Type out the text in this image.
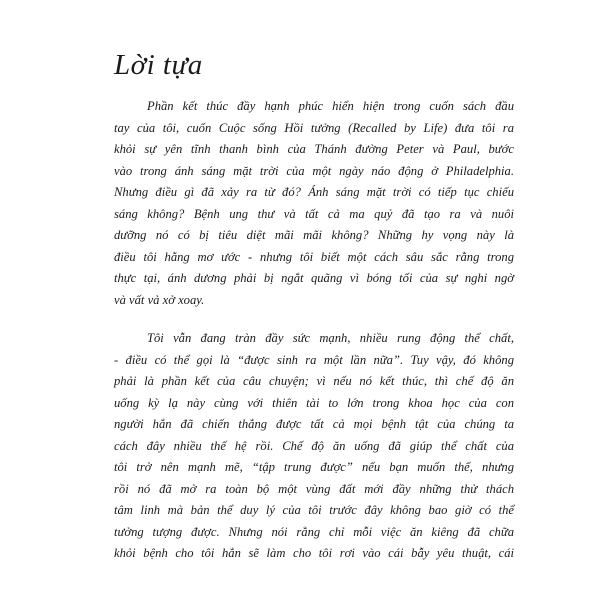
Lời tựa

Phần kết thúc đầy hạnh phúc hiển hiện trong cuốn sách đầu
tay của tôi, cuốn Cuộc sống Hồi tưởng (Recalled by Life) đưa tôi ra
khỏi sự yên tĩnh thanh bình của Thánh đường Peter và Paul, bước
vào trong ánh sáng mặt trời của một ngày náo động ở Philadelphia.
Nhưng điều gì đã xảy ra từ đó? Ánh sáng mặt trời có tiếp tục chiếu
sáng không? Bệnh ung thư và tất cả ma quỷ đã tạo ra và nuôi
dưỡng nó có bị tiêu diệt mãi mãi không? Những hy vọng này là
điều tôi hằng mơ ước - nhưng tôi biết một cách sâu sắc rằng trong
thực tại, ánh dương phải bị ngắt quãng vì bóng tối của sự nghi ngờ
và vất vả xở xoay.

Tôi vẫn đang tràn đầy sức mạnh, nhiều rung động thể chất,
- điều có thể gọi là “được sinh ra một lần nữa”. Tuy vậy, đó không
phải là phần kết của câu chuyện; vì nếu nó kết thúc, thì chế độ ăn
uống kỳ lạ này cùng với thiên tài to lớn trong khoa học của con
người hẳn đã chiến thắng được tất cả mọi bệnh tật của chúng ta
cách đây nhiều thế hệ rồi. Chế độ ăn uống đã giúp thể chất của
tôi trở nên mạnh mẽ, “tập trung được” nếu bạn muốn thế, nhưng
rồi nó đã mở ra toàn bộ một vùng đất mới đầy những thử thách
tâm linh mà bản thể duy lý của tôi trước đây không bao giờ có thể
tưởng tượng được. Nhưng nói rằng chỉ mỗi việc ăn kiêng đã chữa
khỏi bệnh cho tôi hẳn sẽ làm cho tôi rơi vào cái bẫy yêu thuật, cái
